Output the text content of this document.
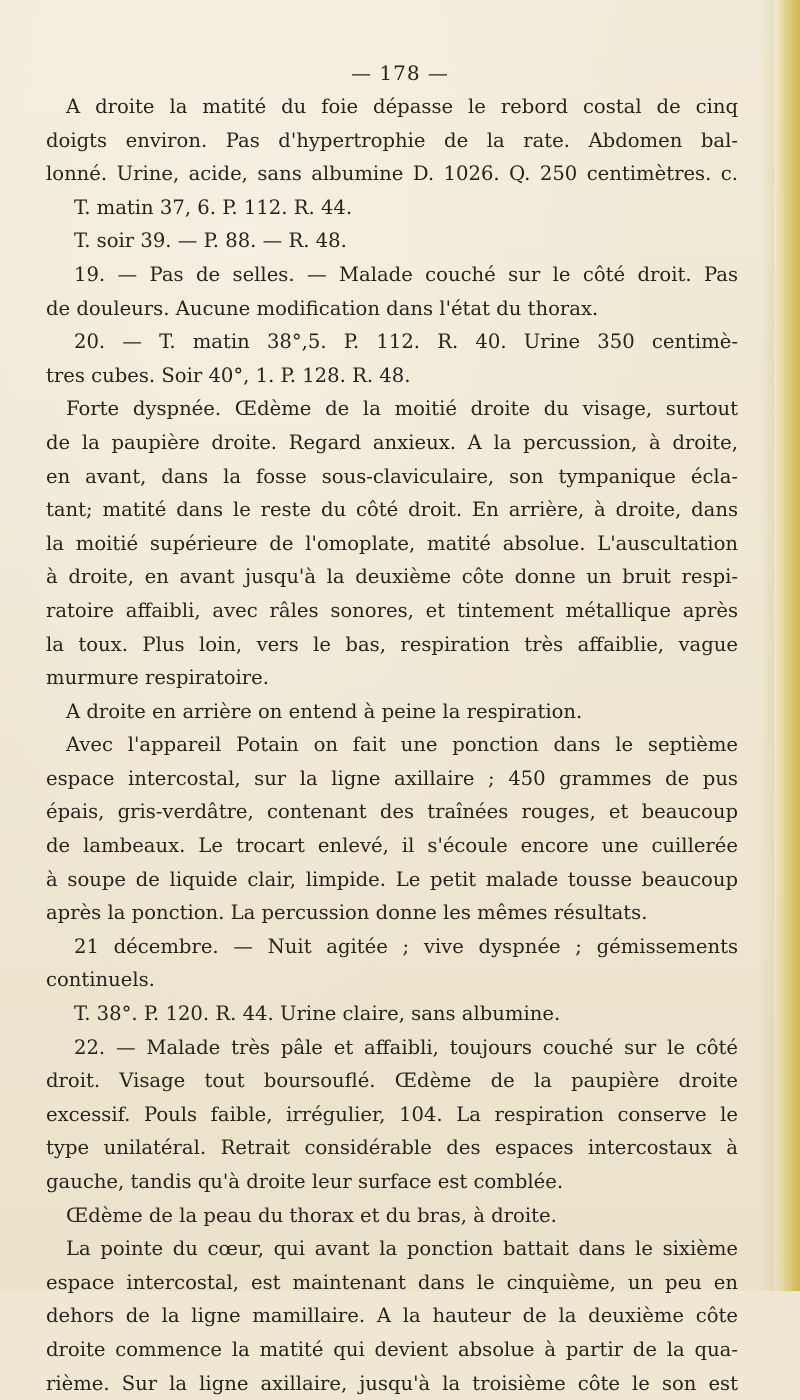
— 178 —
A droite la matité du foie dépasse le rebord costal de cinq
doigts environ. Pas d'hypertrophie de la rate. Abdomen bal-
lonné. Urine, acide, sans albumine D. 1026. Q. 250 centimètres. c.
T. matin 37, 6. P. 112. R. 44.
T. soir 39. — P. 88. — R. 48.
19. — Pas de selles. — Malade couché sur le côté droit. Pas
de douleurs. Aucune modification dans l'état du thorax.
20. — T. matin 38°,5. P. 112. R. 40. Urine 350 centimè-
tres cubes. Soir 40°, 1. P. 128. R. 48.
Forte dyspnée. Œdème de la moitié droite du visage, surtout
de la paupière droite. Regard anxieux. A la percussion, à droite,
en avant, dans la fosse sous-claviculaire, son tympanique écla-
tant; matité dans le reste du côté droit. En arrière, à droite, dans
la moitié supérieure de l'omoplate, matité absolue. L'auscultation
à droite, en avant jusqu'à la deuxième côte donne un bruit respi-
ratoire affaibli, avec râles sonores, et tintement métallique après
la toux. Plus loin, vers le bas, respiration très affaiblie, vague
murmure respiratoire.
A droite en arrière on entend à peine la respiration.
Avec l'appareil Potain on fait une ponction dans le septième
espace intercostal, sur la ligne axillaire ; 450 grammes de pus
épais, gris-verdâtre, contenant des traînées rouges, et beaucoup
de lambeaux. Le trocart enlevé, il s'écoule encore une cuillerée
à soupe de liquide clair, limpide. Le petit malade tousse beaucoup
après la ponction. La percussion donne les mêmes résultats.
21 décembre. — Nuit agitée ; vive dyspnée ; gémissements
continuels.
T. 38°. P. 120. R. 44. Urine claire, sans albumine.
22. — Malade très pâle et affaibli, toujours couché sur le côté
droit. Visage tout boursouflé. Œdème de la paupière droite
excessif. Pouls faible, irrégulier, 104. La respiration conserve le
type unilatéral. Retrait considérable des espaces intercostaux à
gauche, tandis qu'à droite leur surface est comblée.
Œdème de la peau du thorax et du bras, à droite.
La pointe du cœur, qui avant la ponction battait dans le sixième
espace intercostal, est maintenant dans le cinquième, un peu en
dehors de la ligne mamillaire. A la hauteur de la deuxième côte
droite commence la matité qui devient absolue à partir de la qua-
rième. Sur la ligne axillaire, jusqu'à la troisième côte le son est
